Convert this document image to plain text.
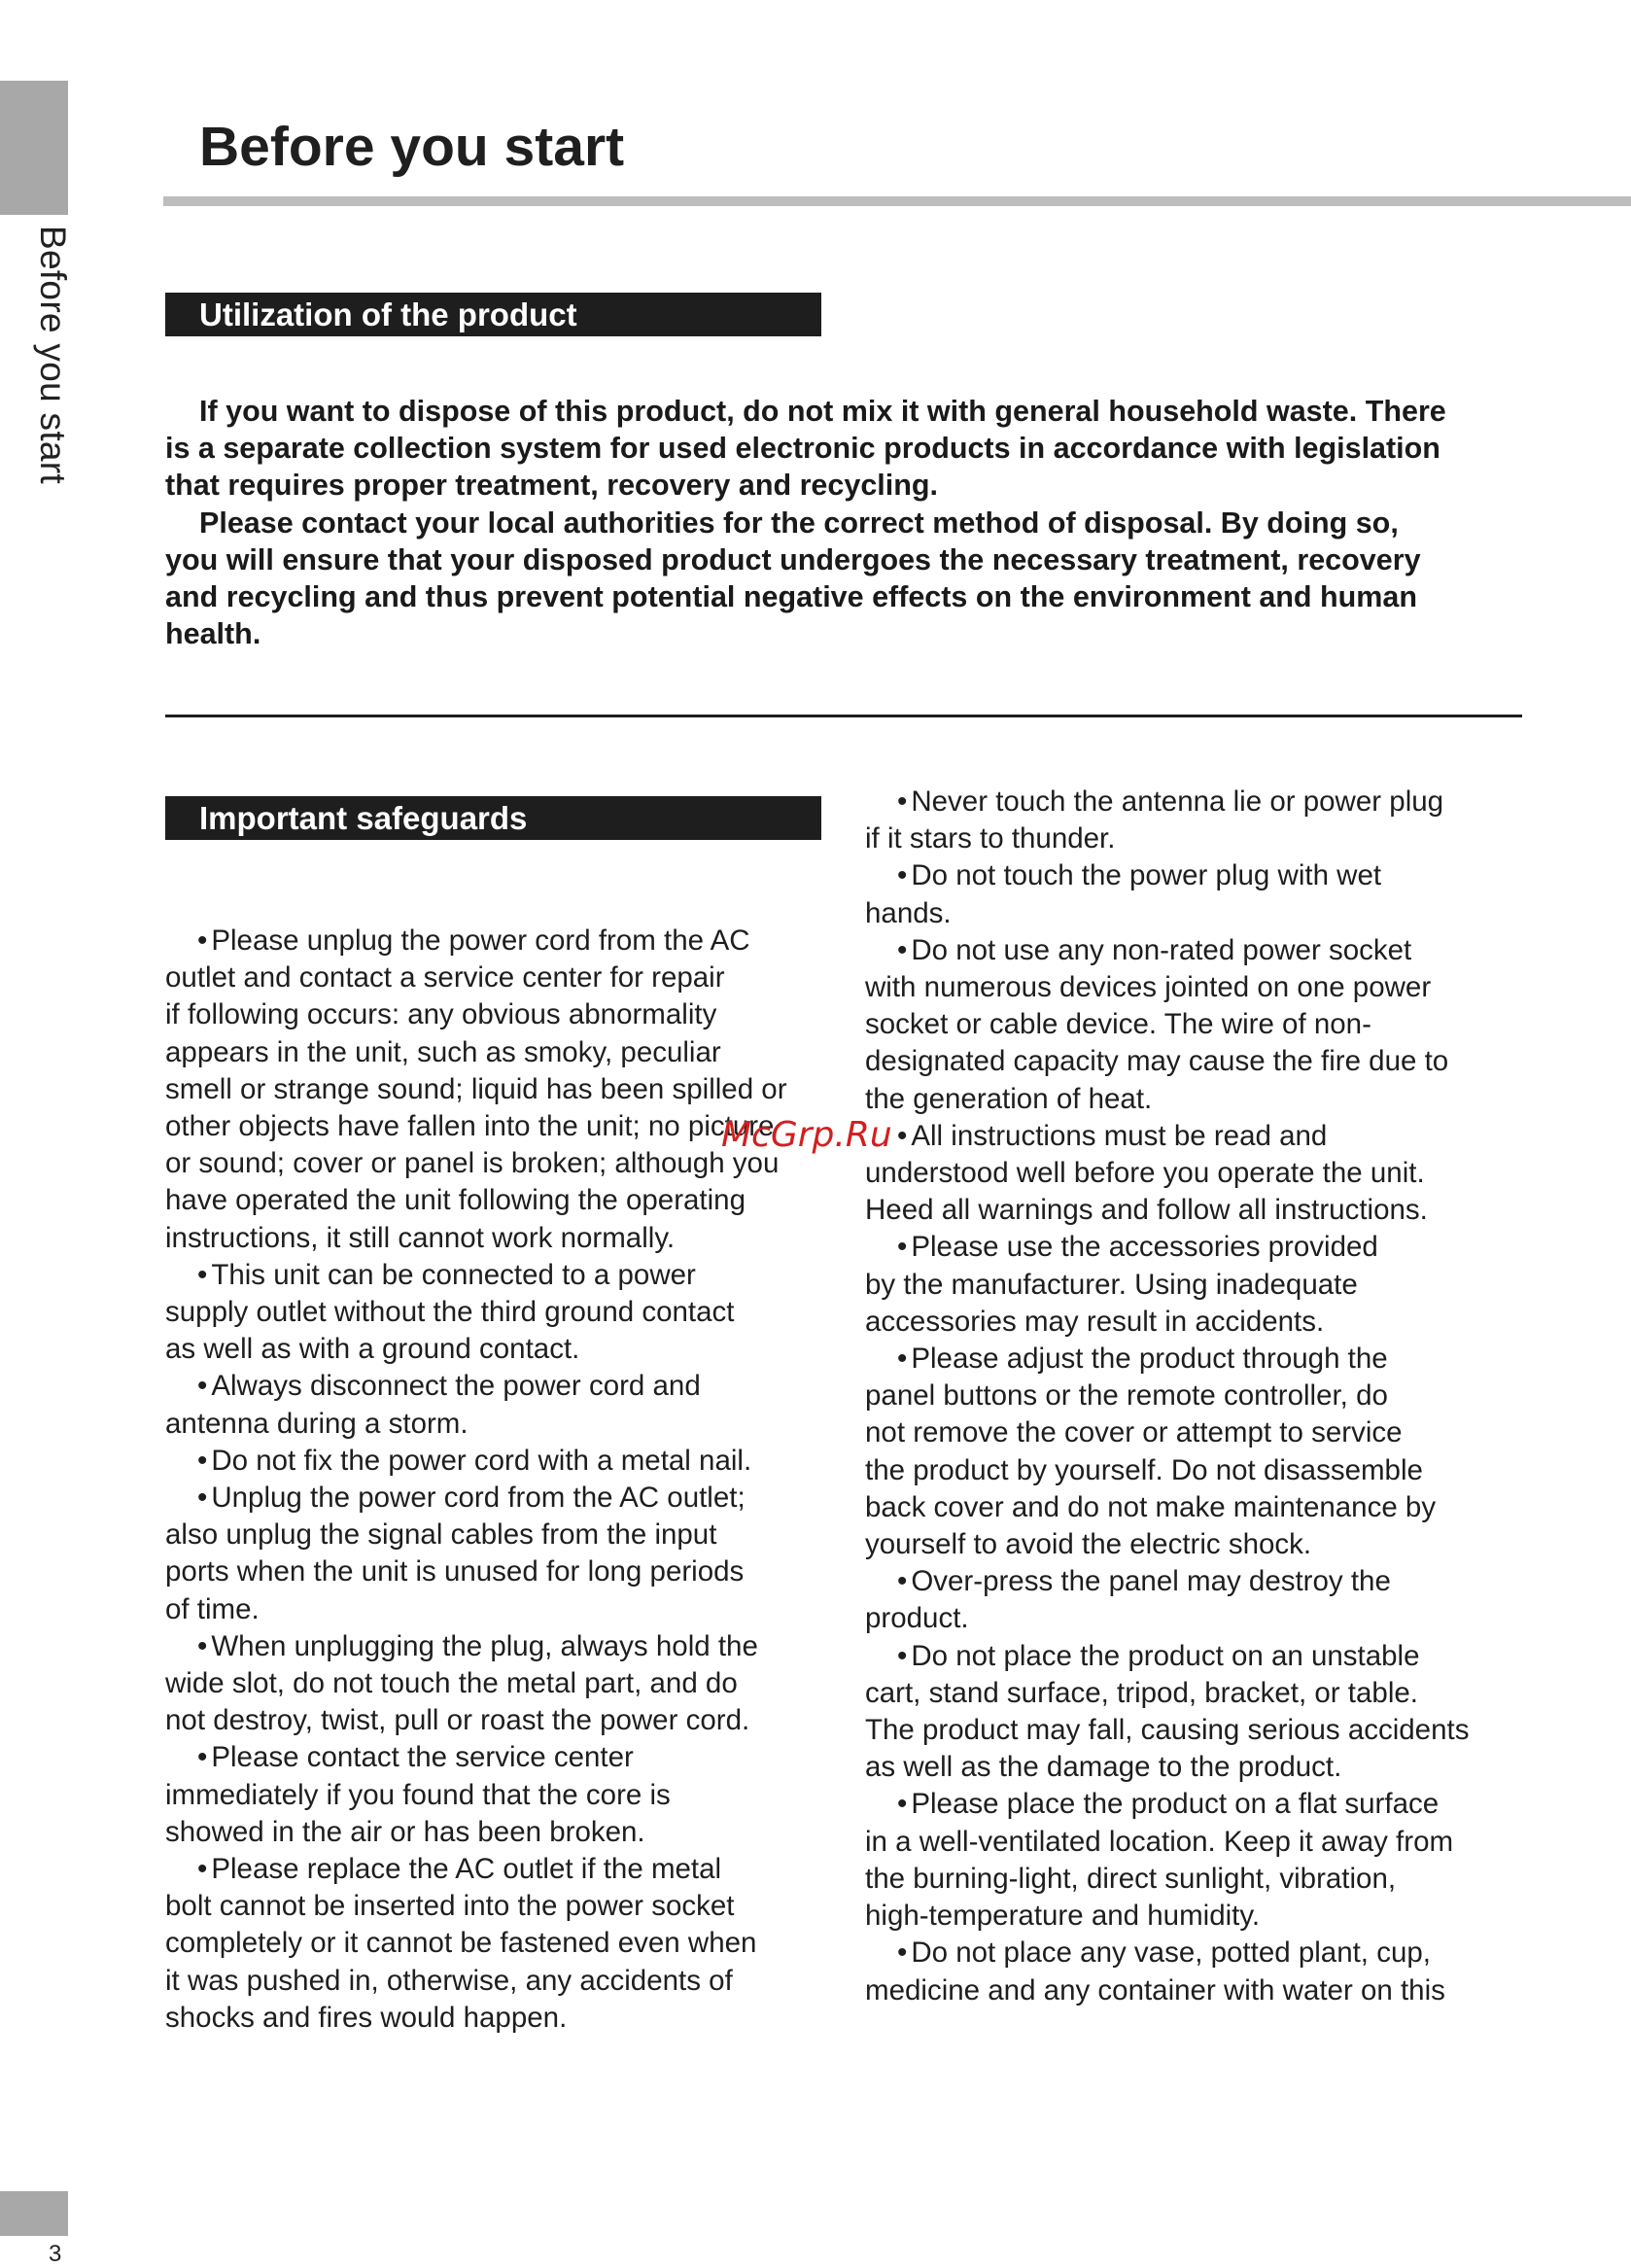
Before you start
Before you start
Utilization of the product

If you want to dispose of this product, do not mix it with general household waste. There
is a separate collection system for used electronic products in accordance with legislation
that requires proper treatment, recovery and recycling.

Please contact your local authorities for the correct method of disposal. By doing so,
you will ensure that your disposed product undergoes the necessary treatment, recovery
and recycling and thus prevent potential negative effects on the environment and human
health.

Important safeguards

• Please unplug the power cord from the AC

outlet and contact a service center for repair

if following occurs: any obvious abnormality

appears in the unit, such as smoky, peculiar

smell or strange sound; liquid has been spilled or

other objects have fallen into the unit; no picture

or sound; cover or panel is broken; although you

have operated the unit following the operating

instructions, it still cannot work normally.

• This unit can be connected to a power

supply outlet without the third ground contact

as well as with a ground contact.

• Always disconnect the power cord and

antenna during a storm.

• Do not fix the power cord with a metal nail.

• Unplug the power cord from the AC outlet;

also unplug the signal cables from the input

ports when the unit is unused for long periods

of time.

• When unplugging the plug, always hold the

wide slot, do not touch the metal part, and do

not destroy, twist, pull or roast the power cord.

• Please contact the service center

immediately if you found that the core is

showed in the air or has been broken.

• Please replace the AC outlet if the metal

bolt cannot be inserted into the power socket

completely or it cannot be fastened even when

it was pushed in, otherwise, any accidents of

shocks and fires would happen.

• Never touch the antenna lie or power plug

if it stars to thunder.

• Do not touch the power plug with wet

hands.

• Do not use any non-rated power socket

with numerous devices jointed on one power

socket or cable device. The wire of non-

designated capacity may cause the fire due to

the generation of heat.

• All instructions must be read and

understood well before you operate the unit.

Heed all warnings and follow all instructions.

• Please use the accessories provided

by the manufacturer. Using inadequate

accessories may result in accidents.

• Please adjust the product through the

panel buttons or the remote controller, do

not remove the cover or attempt to service

the product by yourself. Do not disassemble

back cover and do not make maintenance by

yourself to avoid the electric shock.

• Over-press the panel may destroy the

product.

• Do not place the product on an unstable

cart, stand surface, tripod, bracket, or table.

The product may fall, causing serious accidents

as well as the damage to the product.

• Please place the product on a flat surface

in a well-ventilated location. Keep it away from

the burning-light, direct sunlight, vibration,

high-temperature and humidity.

• Do not place any vase, potted plant, cup,

medicine and any container with water on this

McGrp.Ru
3
